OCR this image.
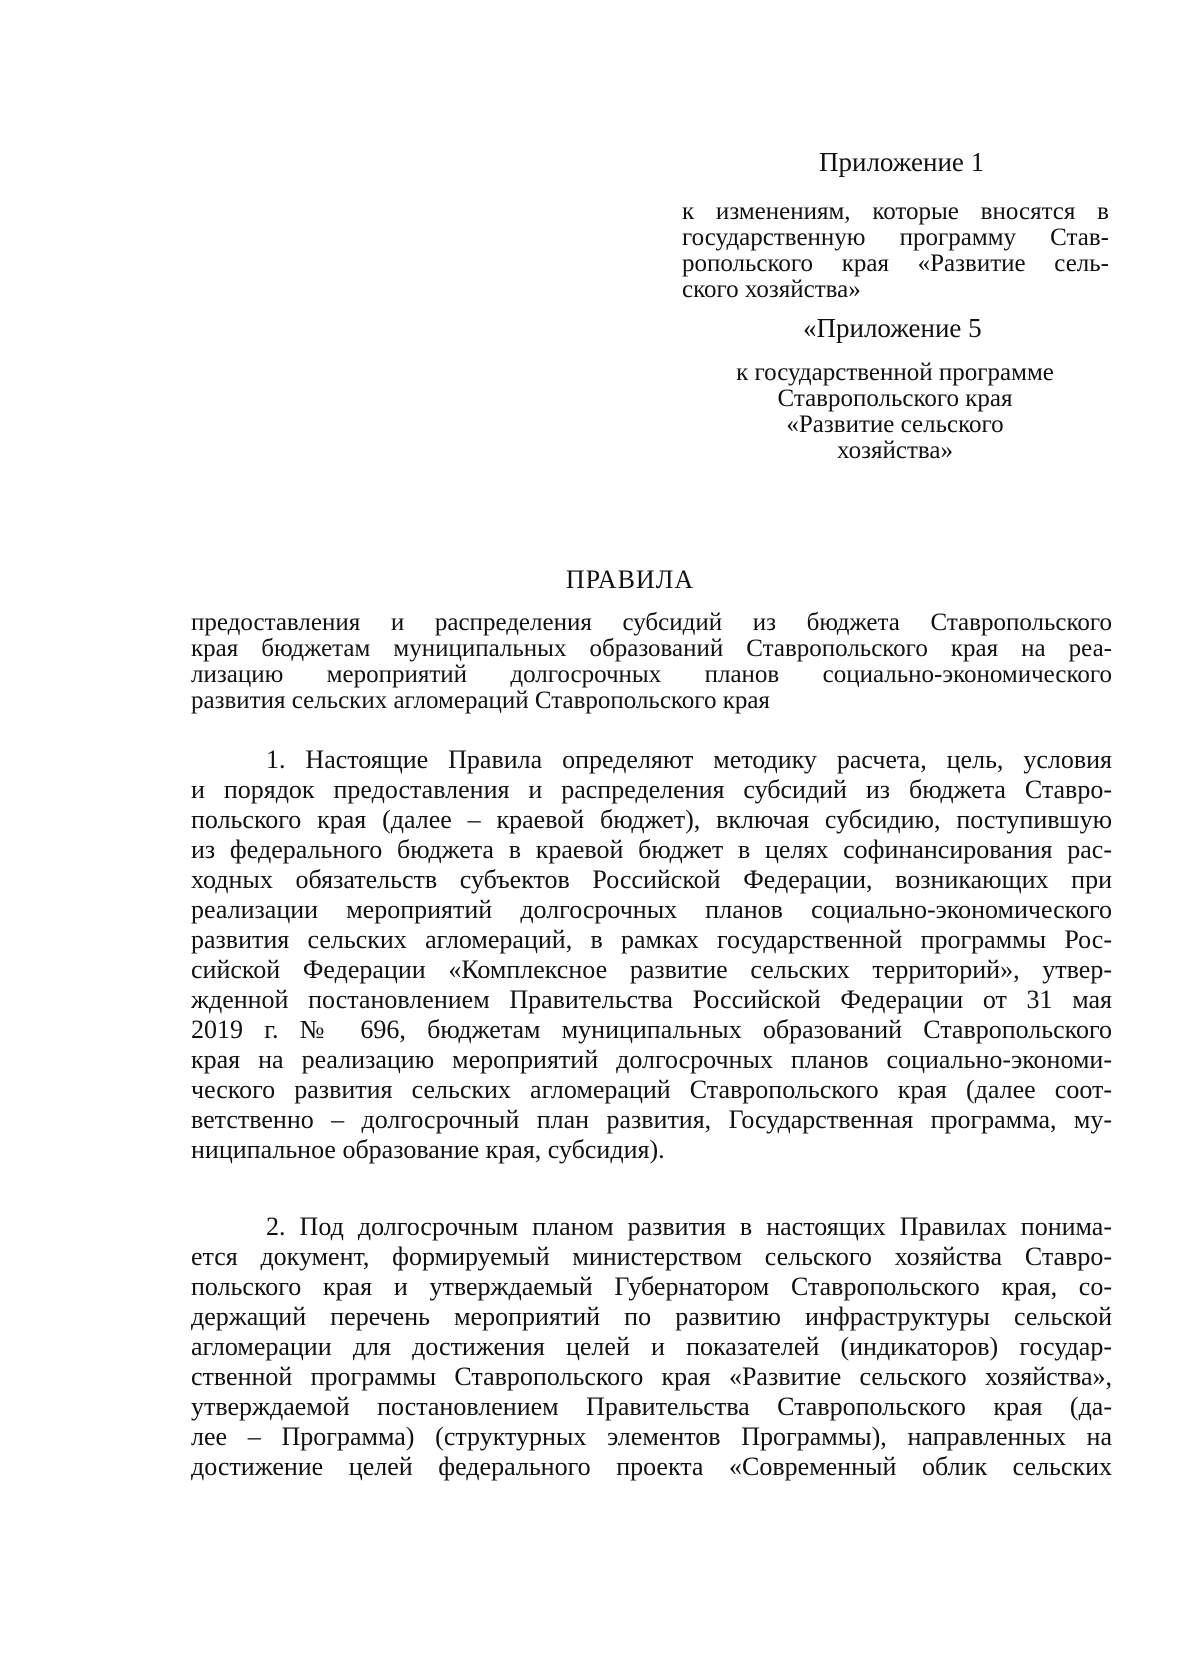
Приложение 1
к изменениям, которые вносятся в
государственную программу Став-
ропольского края «Развитие сель-
ского хозяйства»
«Приложение 5
к государственной программе
Ставропольского края
«Развитие сельского
хозяйства»
ПРАВИЛА
предоставления и распределения субсидий из бюджета Ставропольского
края бюджетам муниципальных образований Ставропольского края на реа-
лизацию мероприятий долгосрочных планов социально-экономического
развития сельских агломераций Ставропольского края
1. Настоящие Правила определяют методику расчета, цель, условия
и порядок предоставления и распределения субсидий из бюджета Ставро-
польского края (далее – краевой бюджет), включая субсидию, поступившую
из федерального бюджета в краевой бюджет в целях софинансирования рас-
ходных обязательств субъектов Российской Федерации, возникающих при
реализации мероприятий долгосрочных планов социально-экономического
развития сельских агломераций, в рамках государственной программы Рос-
сийской Федерации «Комплексное развитие сельских территорий», утвер-
жденной постановлением Правительства Российской Федерации от 31 мая
2019 г. № 696, бюджетам муниципальных образований Ставропольского
края на реализацию мероприятий долгосрочных планов социально-экономи-
ческого развития сельских агломераций Ставропольского края (далее соот-
ветственно – долгосрочный план развития, Государственная программа, му-
ниципальное образование края, субсидия).
2. Под долгосрочным планом развития в настоящих Правилах понима-
ется документ, формируемый министерством сельского хозяйства Ставро-
польского края и утверждаемый Губернатором Ставропольского края, со-
держащий перечень мероприятий по развитию инфраструктуры сельской
агломерации для достижения целей и показателей (индикаторов) государ-
ственной программы Ставропольского края «Развитие сельского хозяйства»,
утверждаемой постановлением Правительства Ставропольского края (да-
лее – Программа) (структурных элементов Программы), направленных на
достижение целей федерального проекта «Современный облик сельских
